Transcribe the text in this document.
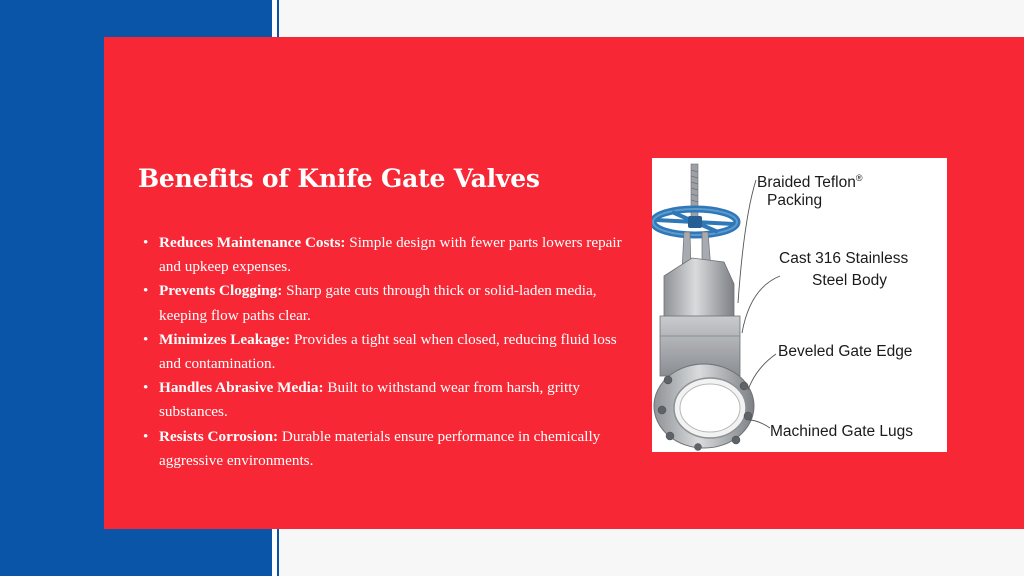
Benefits of Knife Gate Valves
• Reduces Maintenance Costs: Simple design with fewer parts lowers repair and upkeep expenses.
• Prevents Clogging: Sharp gate cuts through thick or solid-laden media, keeping flow paths clear.
• Minimizes Leakage: Provides a tight seal when closed, reducing fluid loss and contamination.
• Handles Abrasive Media: Built to withstand wear from harsh, gritty substances.
• Resists Corrosion: Durable materials ensure performance in chemically aggressive environments.
Braided Teflon®
Packing
Cast 316 Stainless
Steel Body
Beveled Gate Edge
Machined Gate Lugs
